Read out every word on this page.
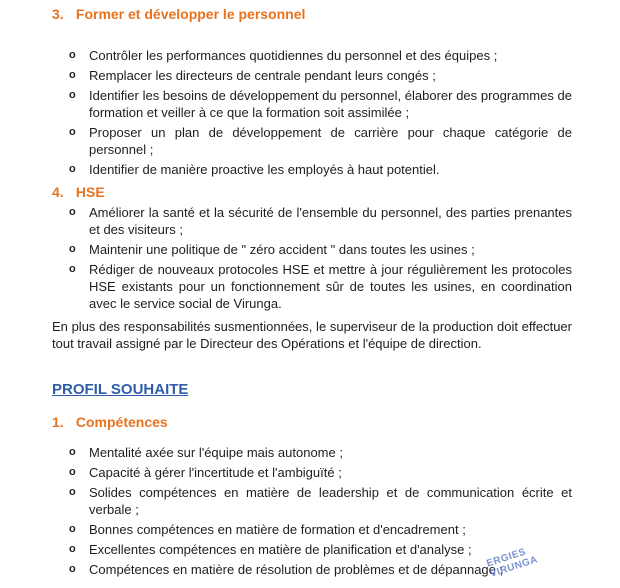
3. Former et développer le personnel
o Contrôler les performances quotidiennes du personnel et des équipes ;
o Remplacer les directeurs de centrale pendant leurs congés ;
o Identifier les besoins de développement du personnel, élaborer des programmes de formation et veiller à ce que la formation soit assimilée ;
o Proposer un plan de développement de carrière pour chaque catégorie de personnel ;
o Identifier de manière proactive les employés à haut potentiel.
4. HSE
o Améliorer la santé et la sécurité de l'ensemble du personnel, des parties prenantes et des visiteurs ;
o Maintenir une politique de " zéro accident " dans toutes les usines ;
o Rédiger de nouveaux protocoles HSE et mettre à jour régulièrement les protocoles HSE existants pour un fonctionnement sûr de toutes les usines, en coordination avec le service social de Virunga.

En plus des responsabilités susmentionnées, le superviseur de la production doit effectuer tout travail assigné par le Directeur des Opérations et l'équipe de direction.

PROFIL SOUHAITE
1. Compétences
o Mentalité axée sur l'équipe mais autonome ;
o Capacité à gérer l'incertitude et l'ambiguïté ;
o Solides compétences en matière de leadership et de communication écrite et verbale ;
o Bonnes compétences en matière de formation et d'encadrement ;
o Excellentes compétences en matière de planification et d'analyse ;
o Compétences en matière de résolution de problèmes et de dépannage ;
ERGIES VIRUNGA
